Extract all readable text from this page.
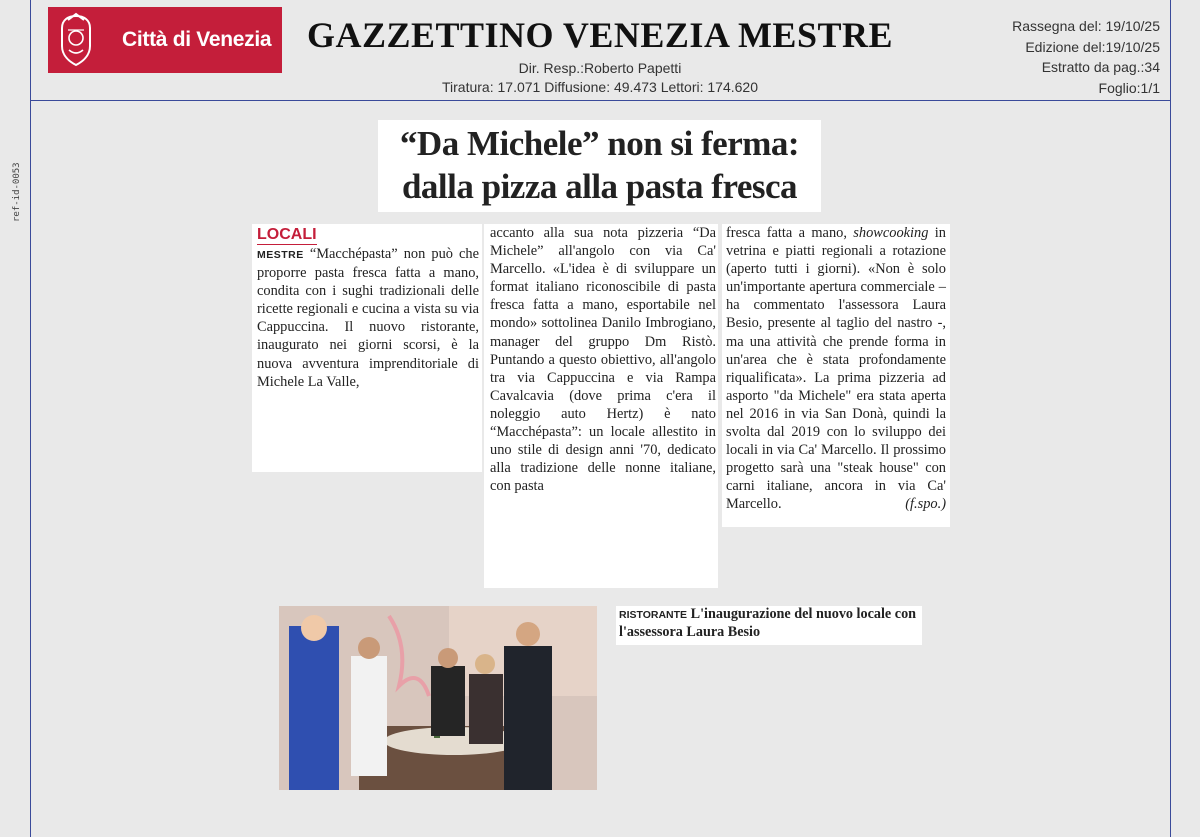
Città di Venezia GAZZETTINO VENEZIA MESTRE
Dir. Resp.:Roberto Papetti
Tiratura: 17.071 Diffusione: 49.473 Lettori: 174.620
Rassegna del: 19/10/25
Edizione del:19/10/25
Estratto da pag.:34
Foglio:1/1
ref-id-0053
“Da Michele” non si ferma:
dalla pizza alla pasta fresca
LOCALI

MESTRE “Macchépasta” non può che proporre pasta fresca fatta a mano, condita con i sughi tradizionali delle ricette regionali e cucina a vista su via Cappuccina. Il nuovo ristorante, inaugurato nei giorni scorsi, è la nuova avventura imprenditoriale di Michele La Valle,

accanto alla sua nota pizzeria “Da Michele” all'angolo con via Ca' Marcello. «L'idea è di sviluppare un format italiano riconoscibile di pasta fresca fatta a mano, esportabile nel mondo» sottolinea Danilo Imbrogiano, manager del gruppo Dm Ristò. Puntando a questo obiettivo, all'angolo tra via Cappuccina e via Rampa Cavalcavia (dove prima c'era il noleggio auto Hertz) è nato “Macchépasta”: un locale allestito in uno stile di design anni '70, dedicato alla tradizione delle nonne italiane, con pasta

fresca fatta a mano, showcooking in vetrina e piatti regionali a rotazione (aperto tutti i giorni). «Non è solo un'importante apertura commerciale – ha commentato l'assessora Laura Besio, presente al taglio del nastro -, ma una attività che prende forma in un'area che è stata profondamente riqualificata». La prima pizzeria ad asporto "da Michele" era stata aperta nel 2016 in via San Donà, quindi la svolta dal 2019 con lo sviluppo dei locali in via Ca' Marcello. Il prossimo progetto sarà una "steak house" con carni italiane, ancora in via Ca' Marcello.	(f.spo.)

RISTORANTE L'inaugurazione del nuovo locale con l'assessora Laura Besio
